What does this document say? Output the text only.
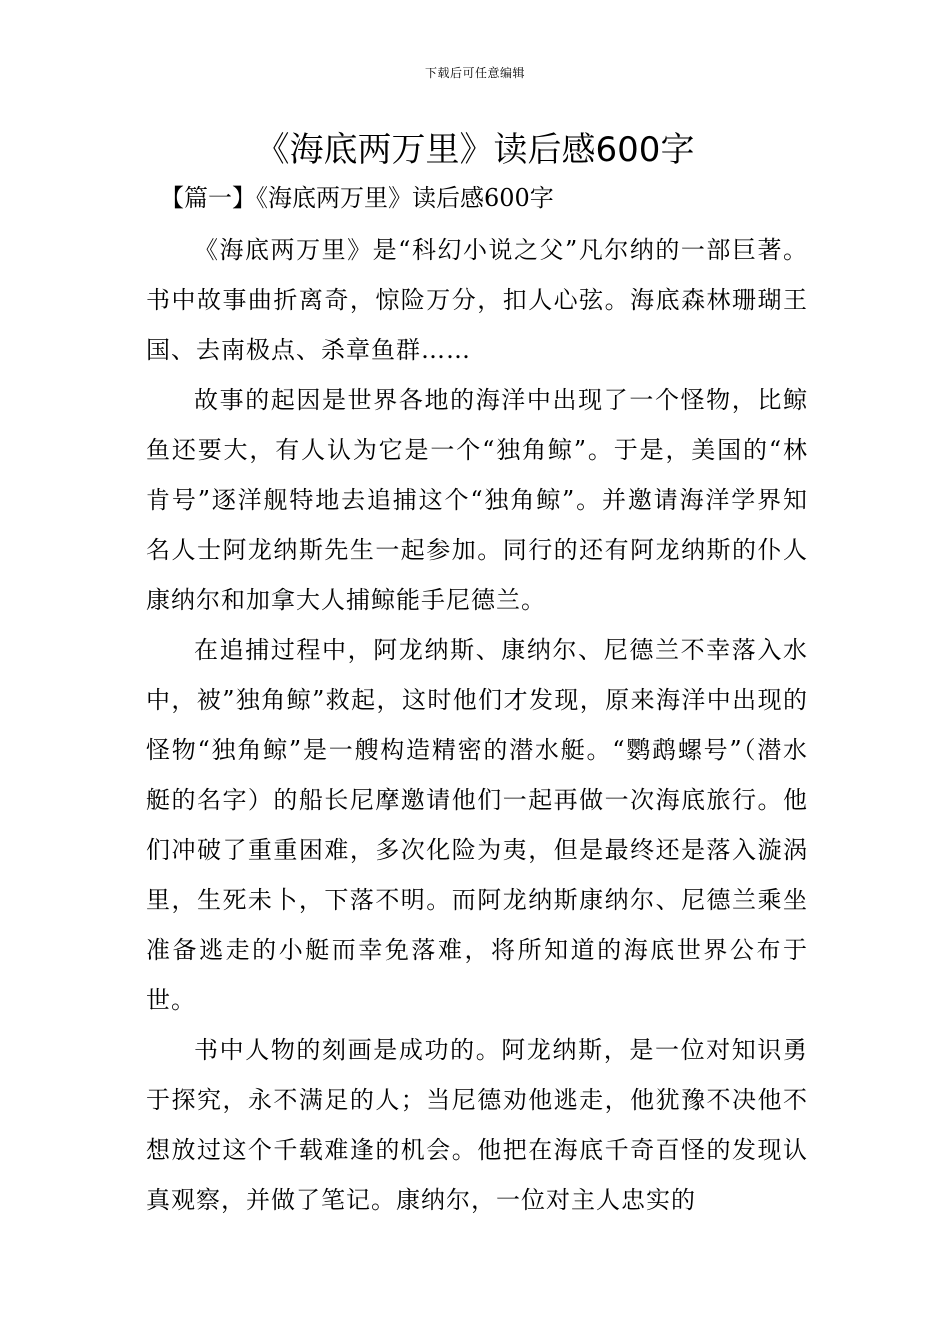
下载后可任意编辑
《海底两万里》读后感600字
【篇一】《海底两万里》读后感600字

《海底两万里》是“科幻小说之父”凡尔纳的一部巨著。书中故事曲折离奇，惊险万分，扣人心弦。海底森林珊瑚王国、去南极点、杀章鱼群……

故事的起因是世界各地的海洋中出现了一个怪物，比鲸鱼还要大，有人认为它是一个“独角鲸”。于是，美国的“林肯号”逐洋舰特地去追捕这个“独角鲸”。并邀请海洋学界知名人士阿龙纳斯先生一起参加。同行的还有阿龙纳斯的仆人康纳尔和加拿大人捕鲸能手尼德兰。

在追捕过程中，阿龙纳斯、康纳尔、尼德兰不幸落入水中，被”独角鲸”救起，这时他们才发现，原来海洋中出现的怪物“独角鲸”是一艘构造精密的潜水艇。“鹦鹉螺号”（潜水艇的名字）的船长尼摩邀请他们一起再做一次海底旅行。他们冲破了重重困难，多次化险为夷，但是最终还是落入漩涡里，生死未卜，下落不明。而阿龙纳斯康纳尔、尼德兰乘坐准备逃走的小艇而幸免落难，将所知道的海底世界公布于世。

书中人物的刻画是成功的。阿龙纳斯，是一位对知识勇于探究，永不满足的人；当尼德劝他逃走，他犹豫不决他不想放过这个千载难逢的机会。他把在海底千奇百怪的发现认真观察，并做了笔记。康纳尔，一位对主人忠实的
